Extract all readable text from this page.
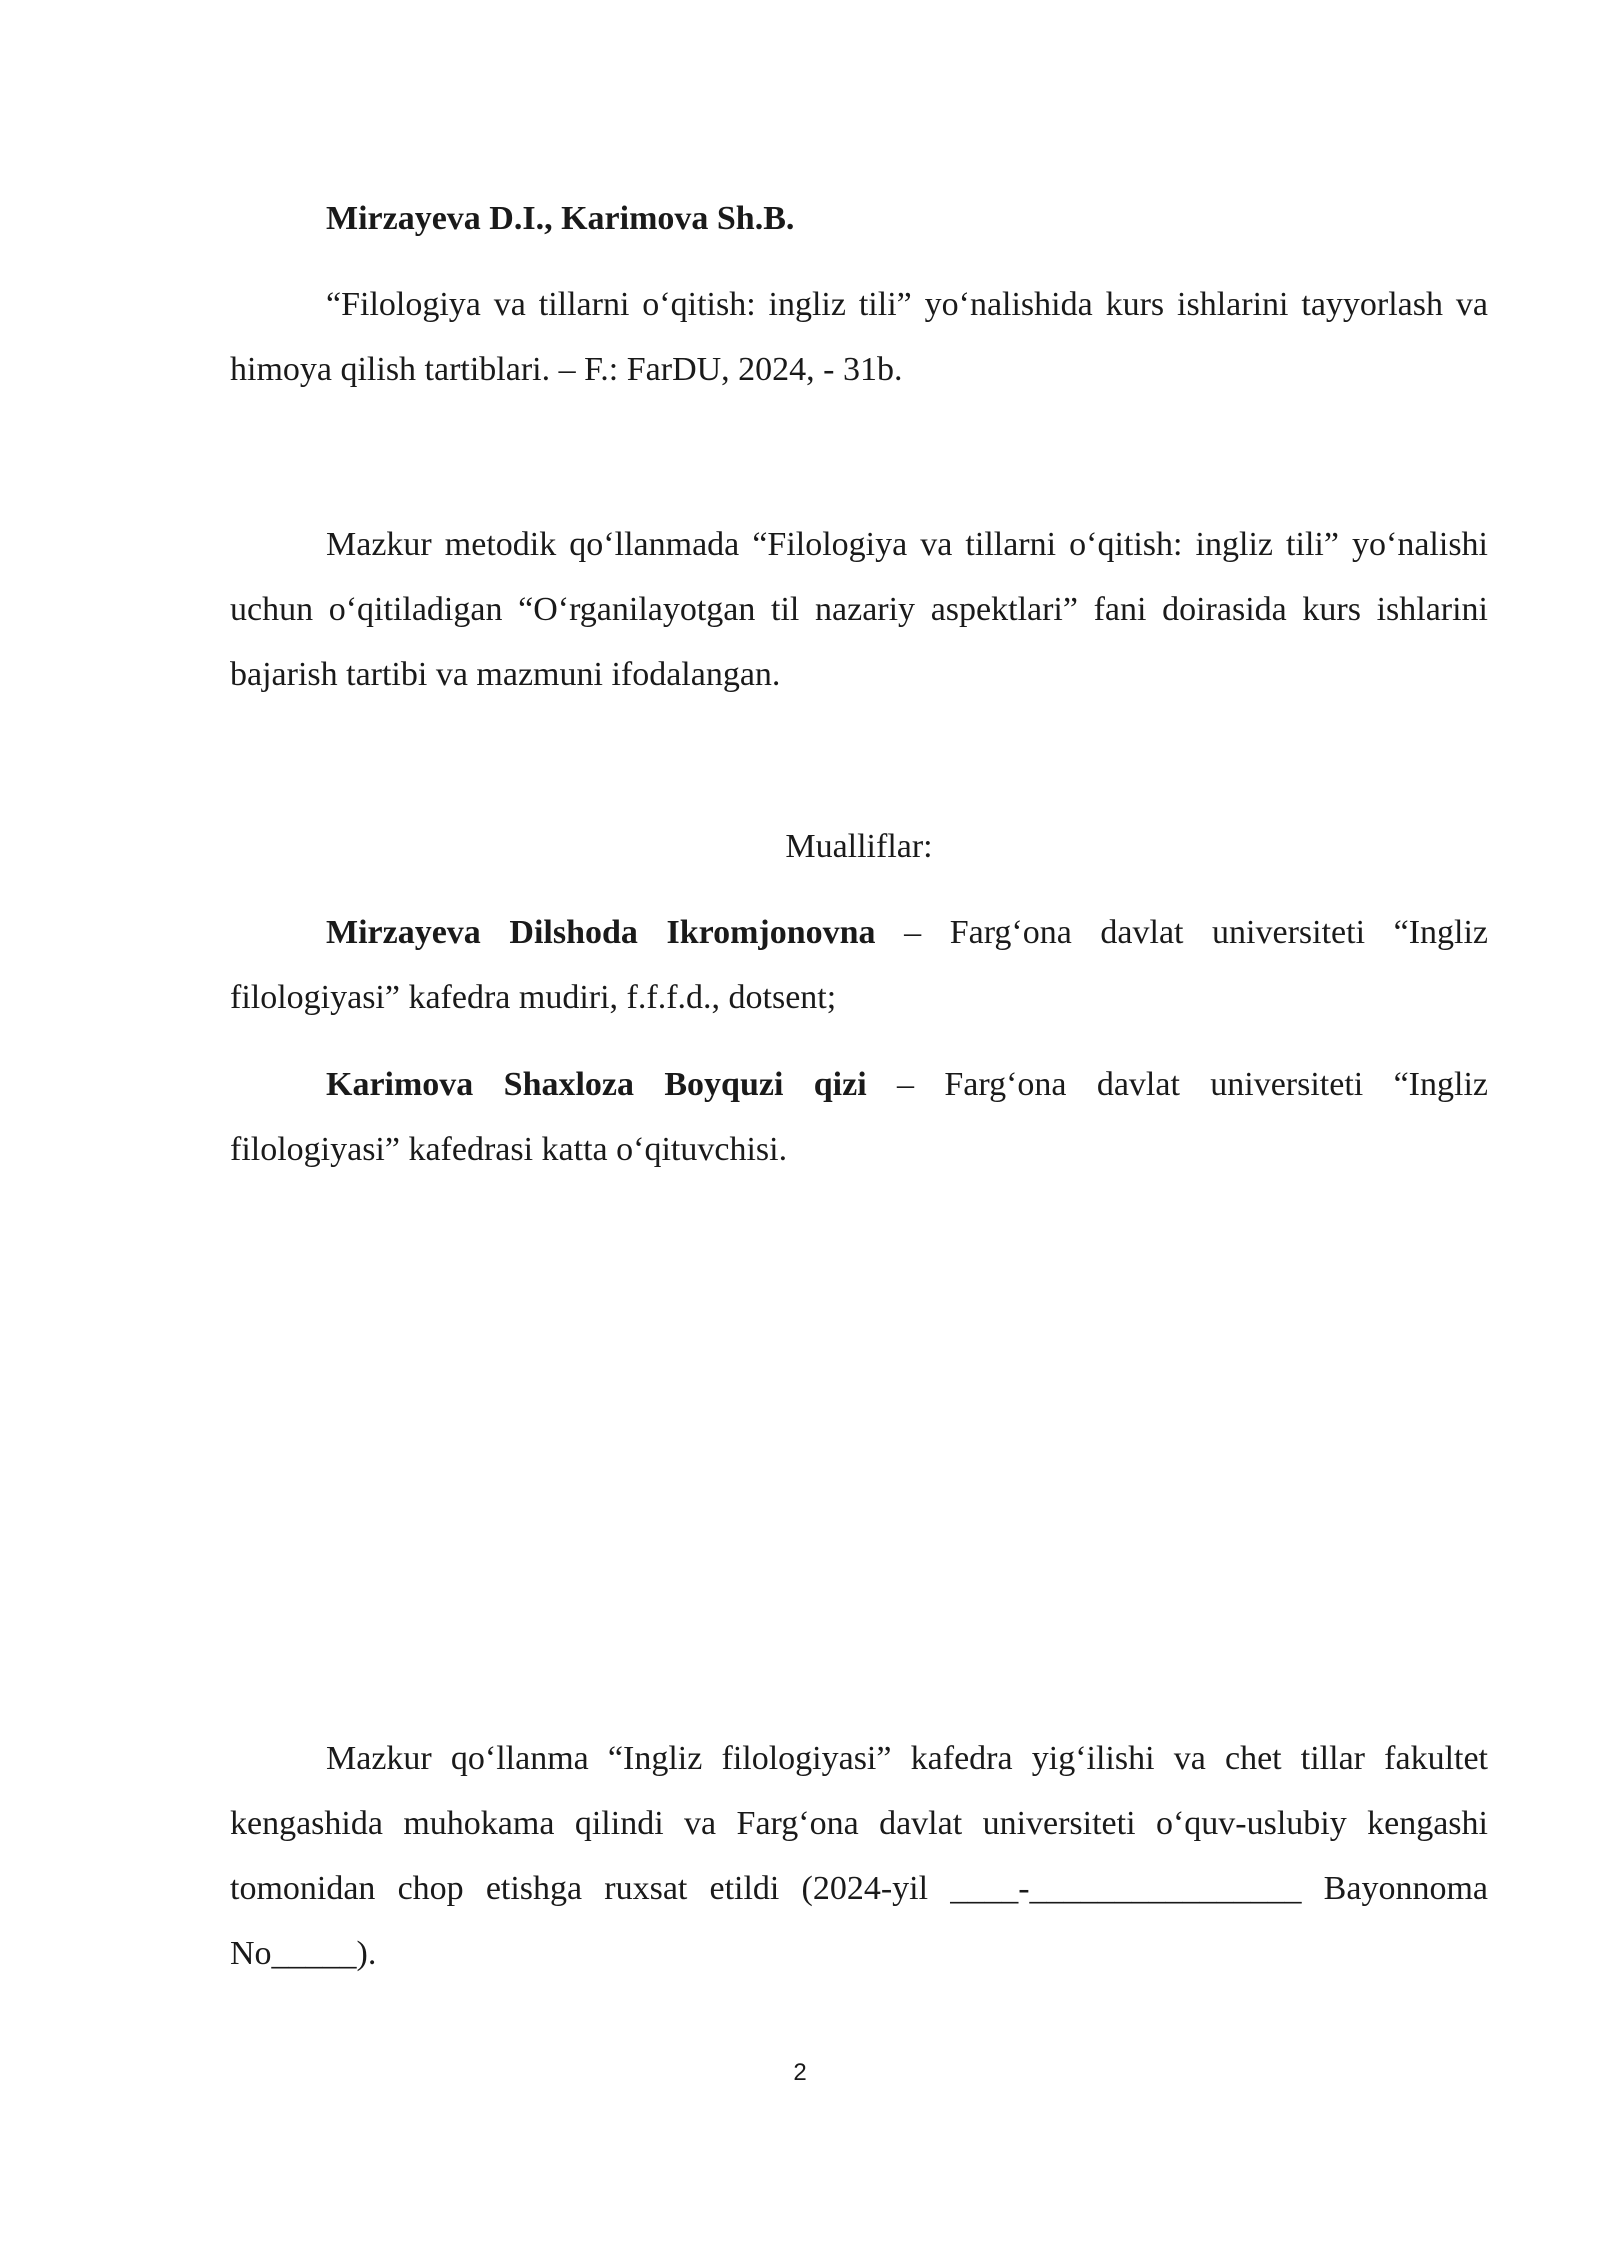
Mirzayeva D.I., Karimova Sh.B.

“Filologiya va tillarni o‘qitish: ingliz tili” yo‘nalishida kurs ishlarini tayyorlash va himoya qilish tartiblari. – F.: FarDU, 2024, - 31b.

Mazkur metodik qo‘llanmada “Filologiya va tillarni o‘qitish: ingliz tili” yo‘nalishi uchun o‘qitiladigan “O‘rganilayotgan til nazariy aspektlari” fani doirasida kurs ishlarini bajarish tartibi va mazmuni ifodalangan.

Mualliflar:

Mirzayeva Dilshoda Ikromjonovna – Farg‘ona davlat universiteti “Ingliz filologiyasi” kafedra mudiri, f.f.f.d., dotsent;

Karimova Shaxloza Boyquzi qizi – Farg‘ona davlat universiteti “Ingliz filologiyasi” kafedrasi katta o‘qituvchisi.

Mazkur qo‘llanma “Ingliz filologiyasi” kafedra yig‘ilishi va chet tillar fakultet kengashida muhokama qilindi va Farg‘ona davlat universiteti o‘quv-uslubiy kengashi tomonidan chop etishga ruxsat etildi (2024-yil ____-________________ Bayonnoma No_____).

2
